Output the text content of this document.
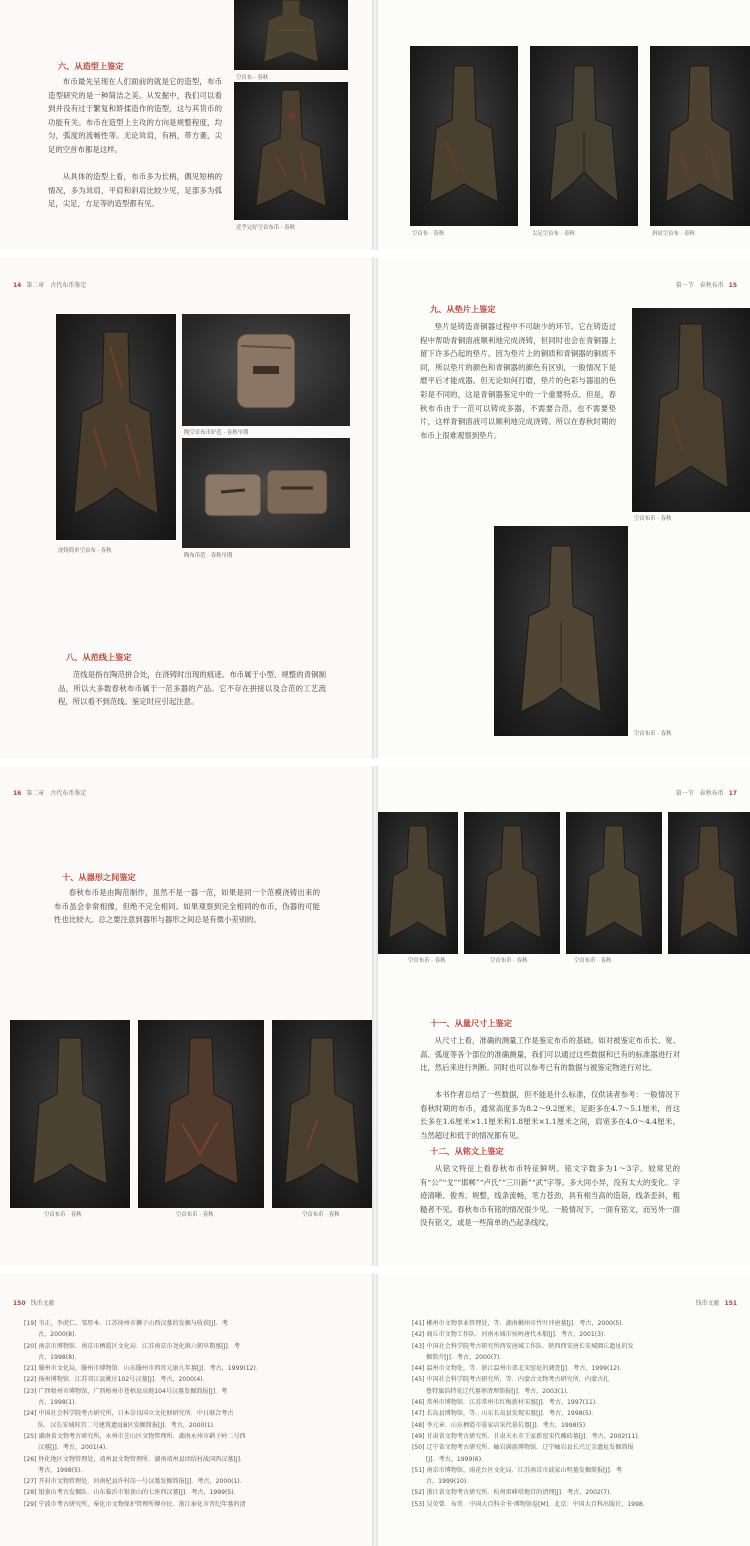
六、从造型上鉴定
布币最先呈现在人们面前的就是它的造型，布币造型研究的是一种简洁之美。从发掘中，我们可以看到并没有过于繁复和娇揉造作的造型，这与其货币的功能有关。布币在造型上主攻的方向是规整程度，均匀，弧度的流畅性等。无论耸肩，有柄，带方萎，尖足的空首布都是这样。
从具体的造型上看，布币多为长柄，偶见短柄的情况，多为耸肩，平肩和斜肩比较少见，足部多为弧足，尖足，方足等的造型都有见。
空首布 · 春秋
近乎完好空首布币 · 春秋
空首布 · 春秋	尖足空首布 · 春秋	斜肩空首布 · 春秋
14 第二章　古代布币鉴定
浇铸简单空首布 · 春秋
陶空首布币铲范 · 春秋早期
陶布币范 · 春秋早期
八、从范线上鉴定
范线是指在陶范拼合处，在浇铸时出现的痕迹。布币属于小型、规整的青铜制品，所以大多数春秋布币属于一范多器的产品。它不存在拼接以及合范的工艺流程，所以看不到范线。鉴定时应引起注意。
第一节　春秋布币 15
九、从垫片上鉴定
垫片是铸造青铜器过程中不可缺少的环节。它在铸造过程中帮助青铜溶液顺利地完成浇铸，但同时也会在青铜器上留下许多凸起的垫片。因为垫片上的铜质和青铜器的铜质不同，所以垫片的颜色和青铜器的颜色有区别，一般情况下是磨平后才能成器。但无论如何打磨，垫片的色彩与器皿的色彩是不同的，这是青铜器鉴定中的一个重要特点。但是，春秋布币由于一范可以铸成多器，不需要合范，也不需要垫片，这样青铜溶液可以顺利地完成浇铸。所以在春秋时期的布币上很难观察到垫片。
空首布币 · 春秋
空首布币 · 春秋
16 第二章　古代布币鉴定
十、从器形之间鉴定
春秋布币是由陶范制作，虽然不是一器一范，如果是同一个范模浇铸出来的布币虽会非常相像，但绝不完全相同。如果观察到完全相同的布币，伪器的可能性也比较大。总之要注意到器形与器形之间总是有微小差别的。
空首布币 · 春秋	空首布币 · 春秋	空首布币 · 春秋
第一节　春秋布币 17
空首布币 · 春秋	空首布币 · 春秋	空首布币 · 春秋
十一、从量尺寸上鉴定
从尺寸上看，准确的测量工作是鉴定布币的基础。如对被鉴定布币长、宽、高、弧度等各个部位的准确测量，我们可以通过这些数据和已有的标准器进行对比，然后来进行判断。同时也可以参考已有的数据与被鉴定物进行对比。
本书作者总结了一些数据，但不能是什么标准，仅供读者参考：一般情况下春秋时期的布币，通常高度多为8.2～9.2厘米，足距多在4.7～5.1厘米，首这长多在1.6厘米×1.1厘米和1.8厘米×1.1厘米之间，肩宽多在4.0～4.4厘米。当然超过和低于的情况都有见。
十二、从铭文上鉴定
从铭文特征上看春秋布币特征鲜明。铭文字数多为1～3字。较常见的有“公”“戈”“邯郸”“卢氏”“三川新”“武”字等。多大同小异，没有太大的变化。字迹清晰、俊秀、规整，线条流畅，笔力苍劲，具有相当高的造诣，线条歪斜，粗糙者不见。春秋布币有铭的情况很少见。一般情况下，一面有铭文，而另外一面没有铭文，或是一些简单的凸起条线纹。
150 钱币文献
[19] 韦正，李虎仁，邹厚本．江苏徐州市狮子山西汉墓的发掘与收获[J]．考
古，2000(8)．
[20] 南京市博物馆．南京市栖霞区文化局．江苏南京市尧化镇六朝早期墓[J]．考
古，1998(8)．
[21] 滕州市文化局，滕州市博物馆．山东滕州市西晋元康九年墓[J]．考古，1999(12)．
[22] 扬州博物馆．江苏邗江县姚庄102号汉墓[J]．考古，2000(4)．
[23] 广西梧州市博物馆，广西梧州市苍梧县高地104号汉墓发掘简报[J]．考
古，1998(1)．
[24] 中国社会科学院考古研究所，日本奈良国立文化财研究所．中日联合考古
队．汉长安城桂宫二号建筑遗址B区发掘简报[J]．考古，2000(1)．
[25] 湖南省文物考古研究所，永州市芝山区文物管理所．湖南永州市鹞子岭二号西
汉墓[J]．考古，2001(4)．
[26] 怀化地区文物管理处，靖州县文物管理所．湖南靖州县团结村战国西汉墓[J]．
考古，1998(5)．
[27] 开封市文物管理处．河南杞县许村岗一号汉墓发掘简报[J]．考古，2000(1)．
[28] 银雀山考古发掘队．山东临沂市银雀山的七座西汉墓[J]．考古，1999(5)．
[29] 宁波市考古研究所，奉化市文物保护管理所傅亦民．浙江奉化市晋纪年墓的清
钱币文献 151
[41] 郴州市文物事业管理处，等．湖南郴州市竹叶冲唐墓[J]．考古，2000(5)．
[42] 商丘市文物工作队．河南永城市侯岭唐代木船[J]．考古，2001(3)．
[43] 中国社会科学院考古研究所西安唐城工作队．陕西西安唐长安城圜丘遗址的发
掘简介[J]．考古，2000(7)．
[44] 温州市文物处，等．浙江温州市郊北宋窑址的调查[J]．考古，1999(12)．
[45] 中国社会科学院考古研究所，等．内蒙古文物考古研究所，内蒙古扎
鲁特旗浩特花辽代墓葬清理简报[J]．考古，2003(1)．
[46] 常州市博物馆．江苏常州市红梅新村宋墓[J]．考古，1997(11)．
[47] 长岛县博物馆，等．山东长岛县发现宋墓[J]．考古，1998(5)．
[48] 李元章．山东栖霞市慕家店宋代慕伉墓[J]．考古，1998(5)．
[49] 甘肃省文物考古研究所．甘肃天水市王家新窑宋代雕砖墓[J]．考古，2002(11)．
[50] 辽宁省文物考古研究所．岫岩满族博物馆．辽宁岫岩县长兴辽金遗址发掘简报
[J]．考古，1999(6)．
[51] 南京市博物馆，雨花台区文化局．江苏南京市戚家山明墓发掘简报[J]．考
古，1999(10)．
[52] 浙江省文物考古研究所．杭州雷峰塔地宫的清理[J]．考古，2002(7)．
[53] 吴荣曾．布币．中国大百科全书·博物馆卷[M]．北京：中国大百科出版社，1998．
